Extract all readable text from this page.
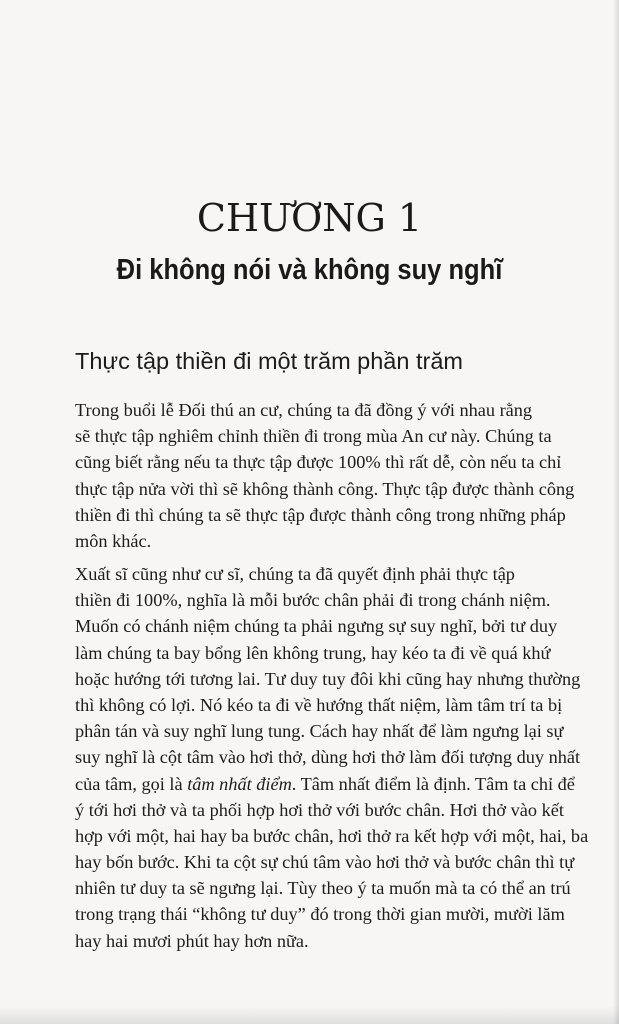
CHƯƠNG 1
Đi không nói và không suy nghĩ
Thực tập thiền đi một trăm phần trăm
Trong buổi lễ Đối thú an cư, chúng ta đã đồng ý với nhau rằng
sẽ thực tập nghiêm chỉnh thiền đi trong mùa An cư này. Chúng ta
cũng biết rằng nếu ta thực tập được 100% thì rất dễ, còn nếu ta chỉ
thực tập nửa vời thì sẽ không thành công. Thực tập được thành công
thiền đi thì chúng ta sẽ thực tập được thành công trong những pháp
môn khác.
Xuất sĩ cũng như cư sĩ, chúng ta đã quyết định phải thực tập
thiền đi 100%, nghĩa là mỗi bước chân phải đi trong chánh niệm.
Muốn có chánh niệm chúng ta phải ngưng sự suy nghĩ, bởi tư duy
làm chúng ta bay bổng lên không trung, hay kéo ta đi về quá khứ
hoặc hướng tới tương lai. Tư duy tuy đôi khi cũng hay nhưng thường
thì không có lợi. Nó kéo ta đi về hướng thất niệm, làm tâm trí ta bị
phân tán và suy nghĩ lung tung. Cách hay nhất để làm ngưng lại sự
suy nghĩ là cột tâm vào hơi thở, dùng hơi thở làm đối tượng duy nhất
của tâm, gọi là tâm nhất điểm. Tâm nhất điểm là định. Tâm ta chỉ để
ý tới hơi thở và ta phối hợp hơi thở với bước chân. Hơi thở vào kết
hợp với một, hai hay ba bước chân, hơi thở ra kết hợp với một, hai, ba
hay bốn bước. Khi ta cột sự chú tâm vào hơi thở và bước chân thì tự
nhiên tư duy ta sẽ ngưng lại. Tùy theo ý ta muốn mà ta có thể an trú
trong trạng thái “không tư duy” đó trong thời gian mười, mười lăm
hay hai mươi phút hay hơn nữa.
